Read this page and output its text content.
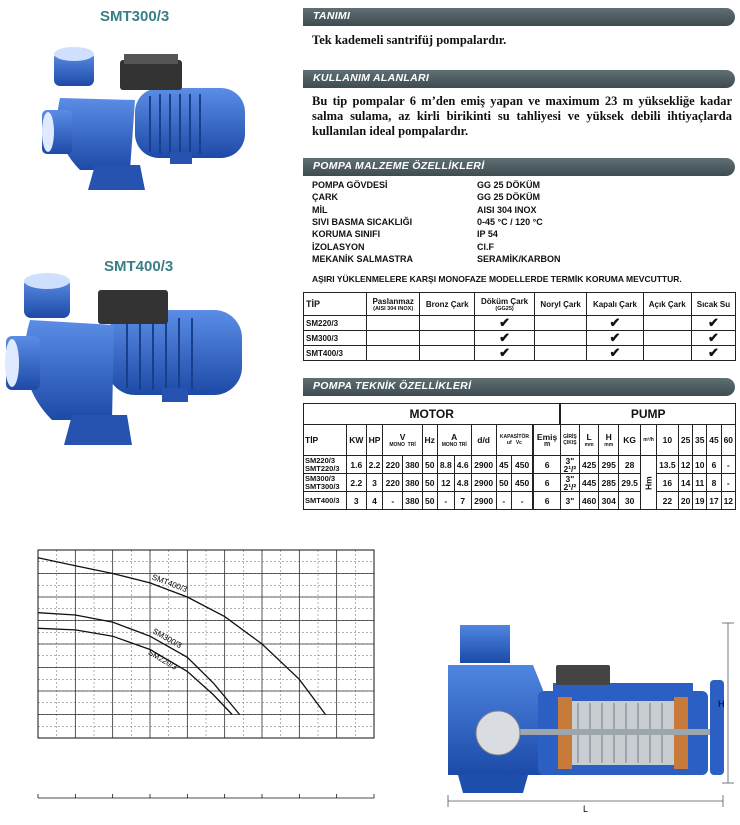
SMT300/3
SMT400/3
TANIMI
Tek kademeli santrifüj pompalardır.
KULLANIM ALANLARI
Bu tip pompalar 6 m’den emiş yapan ve maximum 23 m yüksekliğe kadar salma sulama, az kirli birikinti su tahliyesi ve yüksek debili ihtiyaçlarda kullanılan ideal pompalardır.
POMPA MALZEME ÖZELLİKLERİ
POMPA GÖVDESİ	GG 25 DÖKÜM
ÇARK	GG 25 DÖKÜM
MİL	AISI 304 INOX
SIVI BASMA SICAKLIĞI	0-45 °C / 120 °C
KORUMA SINIFI	IP 54
İZOLASYON	Cl.F
MEKANİK SALMASTRA	SERAMİK/KARBON
AŞIRI YÜKLENMELERE KARŞI MONOFAZE MODELLERDE TERMİK KORUMA MEVCUTTUR.
TİP	Paslanmaz
(AISI 304 INOX)	Bronz Çark	Döküm Çark
(GG25)	Noryl Çark	Kapalı Çark	Açık Çark	Sıcak Su
SM220/3			✔		✔		✔
SM300/3			✔		✔		✔
SMT400/3			✔		✔		✔
POMPA TEKNİK ÖZELLİKLERİ
MOTOR												PUMP									
TİP	KW	HP	V
MONO TRİ		Hz	A
MONO TRİ		d/d	KAPASİTÖR
uf Vc		Emiş
m	GİRİŞ
ÇIKIŞ	L
mm	H
mm	KG	m³/h	10	25	35	45	60

SM220/3
SMT220/3	1.6	2.2	220	380	50	8.8	4.6	2900	45	450	6	3"
2¹/²	425	295	28	Hm	13.5	12	10	6	-

SM300/3
SMT300/3	2.2	3	220	380	50	12	4.8	2900	50	450	6	3"
2¹/²	445	285	29.5		16	14	11	8	-

SMT400/3	3	4	-	380	50	-	7	2900	-	-	6	3"	460	304	30		22	20	19	17	12
SMT400/3
SM300/3
SM220/3
L
H
